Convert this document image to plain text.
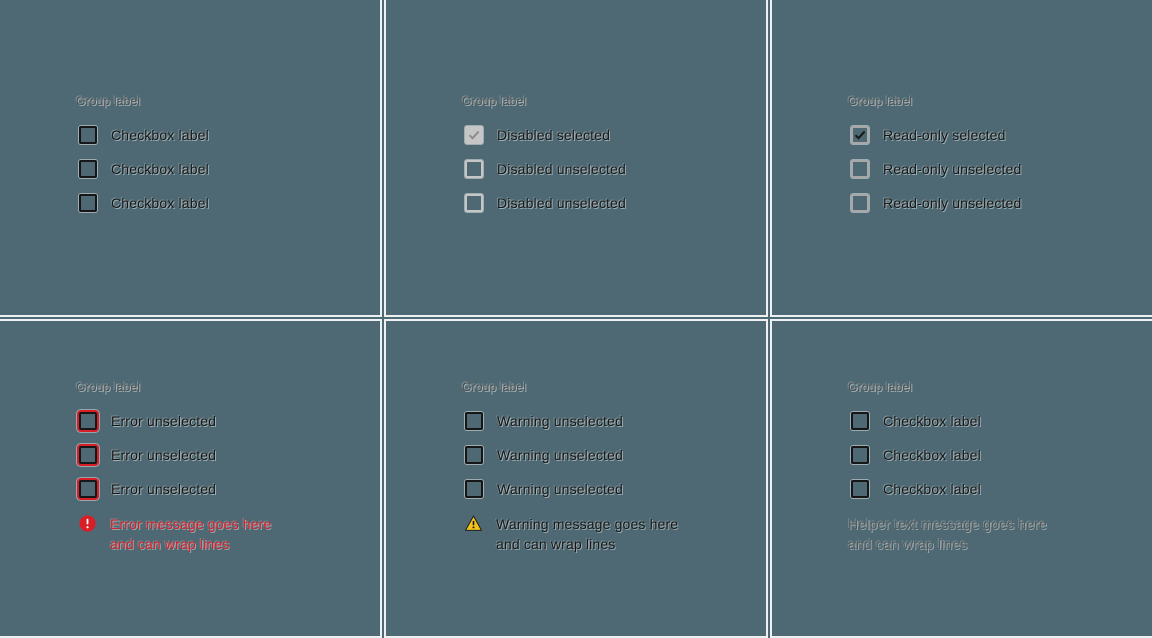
Group label
Checkbox label
Checkbox label
Checkbox label
Group label
Disabled selected
Disabled unselected
Disabled unselected
Group label
Read-only selected
Read-only unselected
Read-only unselected
Group label
Error unselected
Error unselected
Error unselected
Error message goes here
and can wrap lines
Group label
Warning unselected
Warning unselected
Warning unselected
Warning message goes here
and can wrap lines
Group label
Checkbox label
Checkbox label
Checkbox label
Helper text message goes here
and can wrap lines
